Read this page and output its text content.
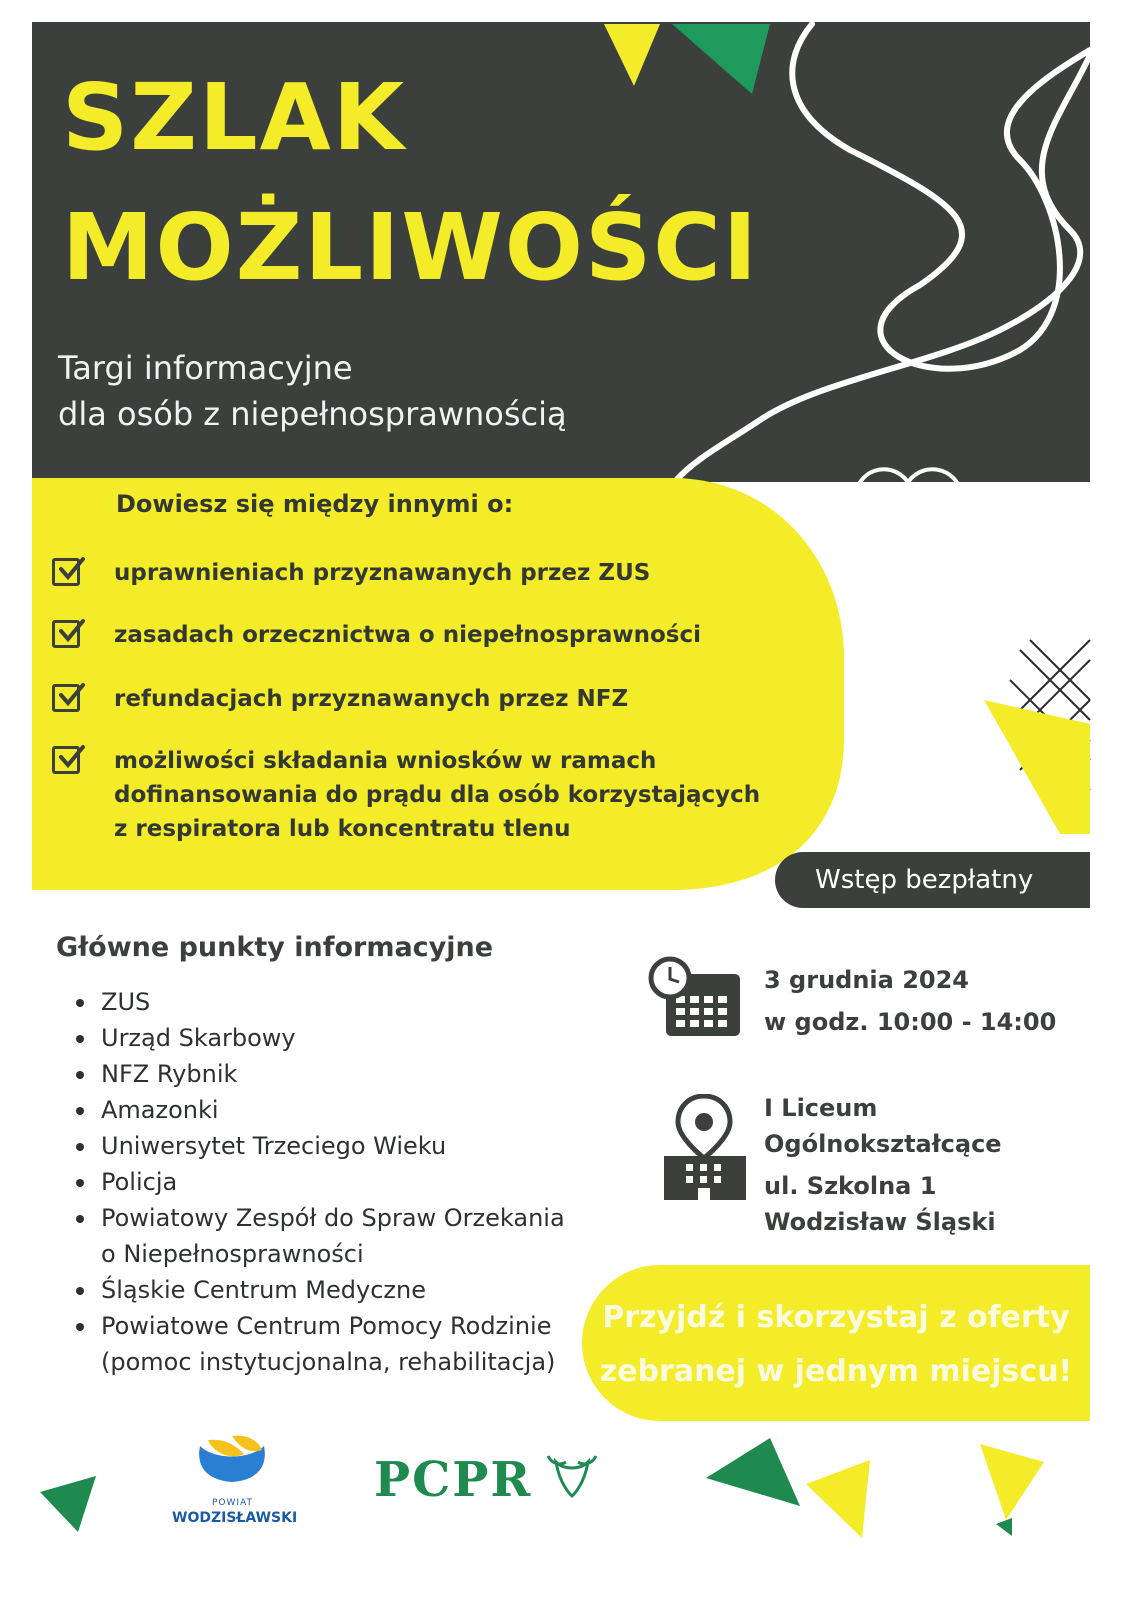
SZLAK
MOŻLIWOŚCI
Targi informacyjne
dla osób z niepełnosprawnością
Dowiesz się między innymi o:
uprawnieniach przyznawanych przez ZUS
zasadach orzecznictwa o niepełnosprawności
refundacjach przyznawanych przez NFZ
możliwości składania wniosków w ramach dofinansowania do prądu dla osób korzystających z respiratora lub koncentratu tlenu
Wstęp bezpłatny
Główne punkty informacyjne
ZUS
Urząd Skarbowy
NFZ Rybnik
Amazonki
Uniwersytet Trzeciego Wieku
Policja
Powiatowy Zespół do Spraw Orzekania o Niepełnosprawności
Śląskie Centrum Medyczne
Powiatowe Centrum Pomocy Rodzinie (pomoc instytucjonalna, rehabilitacja)
3 grudnia 2024
w godz. 10:00 - 14:00
I Liceum
Ogólnokształcące
ul. Szkolna 1
Wodzisław Śląski
Przyjdź i skorzystaj z oferty
zebranej w jednym miejscu!
POWIAT
WODZISŁAWSKI
PCPR
